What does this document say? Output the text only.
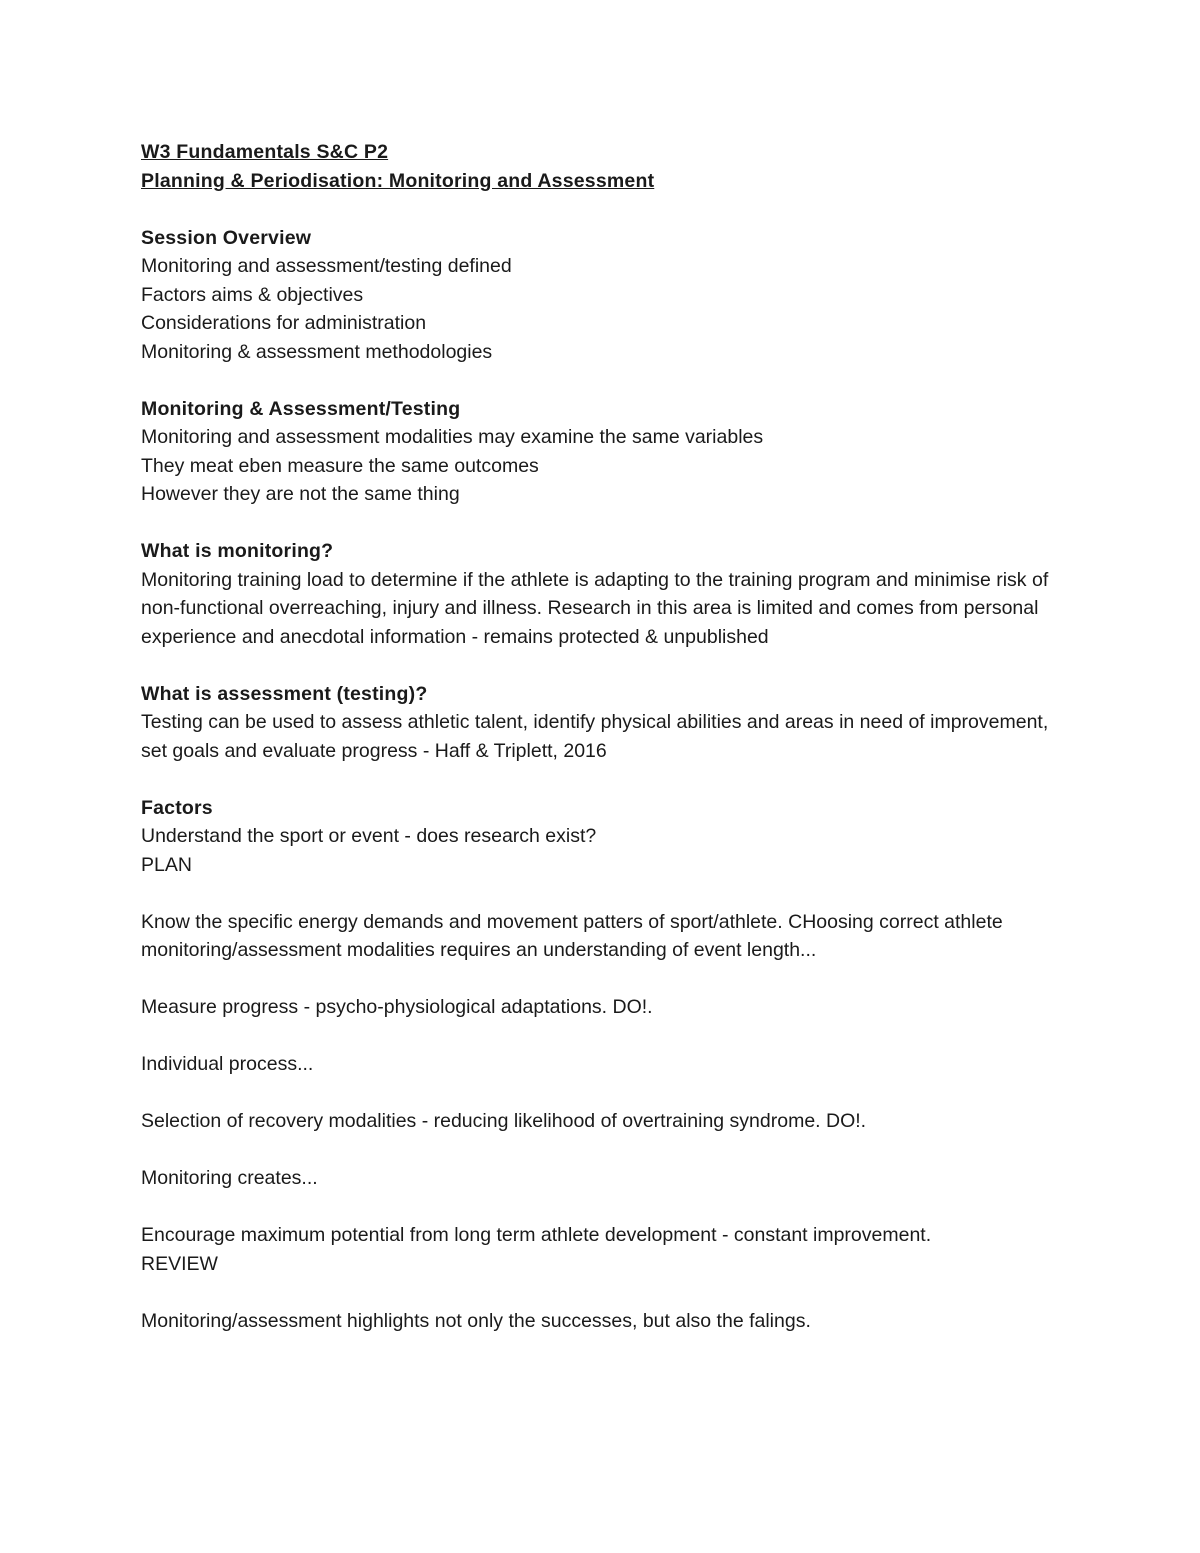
W3 Fundamentals S&C P2
Planning & Periodisation: Monitoring and Assessment
Session Overview
Monitoring and assessment/testing defined
Factors aims & objectives
Considerations for administration
Monitoring & assessment methodologies
Monitoring & Assessment/Testing
Monitoring and assessment modalities may examine the same variables
They meat eben measure the same outcomes
However they are not the same thing
What is monitoring?
Monitoring training load to determine if the athlete is adapting to the training program and minimise risk of non-functional overreaching, injury and illness. Research in this area is limited and comes from personal experience and anecdotal information - remains protected & unpublished
What is assessment (testing)?
Testing can be used to assess athletic talent, identify physical abilities and areas in need of improvement, set goals and evaluate progress - Haff & Triplett, 2016
Factors
Understand the sport or event - does research exist?
PLAN
Know the specific energy demands and movement patters of sport/athlete. CHoosing correct athlete monitoring/assessment modalities requires an understanding of event length...
Measure progress - psycho-physiological adaptations. DO!.
Individual process...
Selection of recovery modalities - reducing likelihood of overtraining syndrome. DO!.
Monitoring creates...
Encourage maximum potential from long term athlete development - constant improvement.
REVIEW
Monitoring/assessment highlights not only the successes, but also the falings.
